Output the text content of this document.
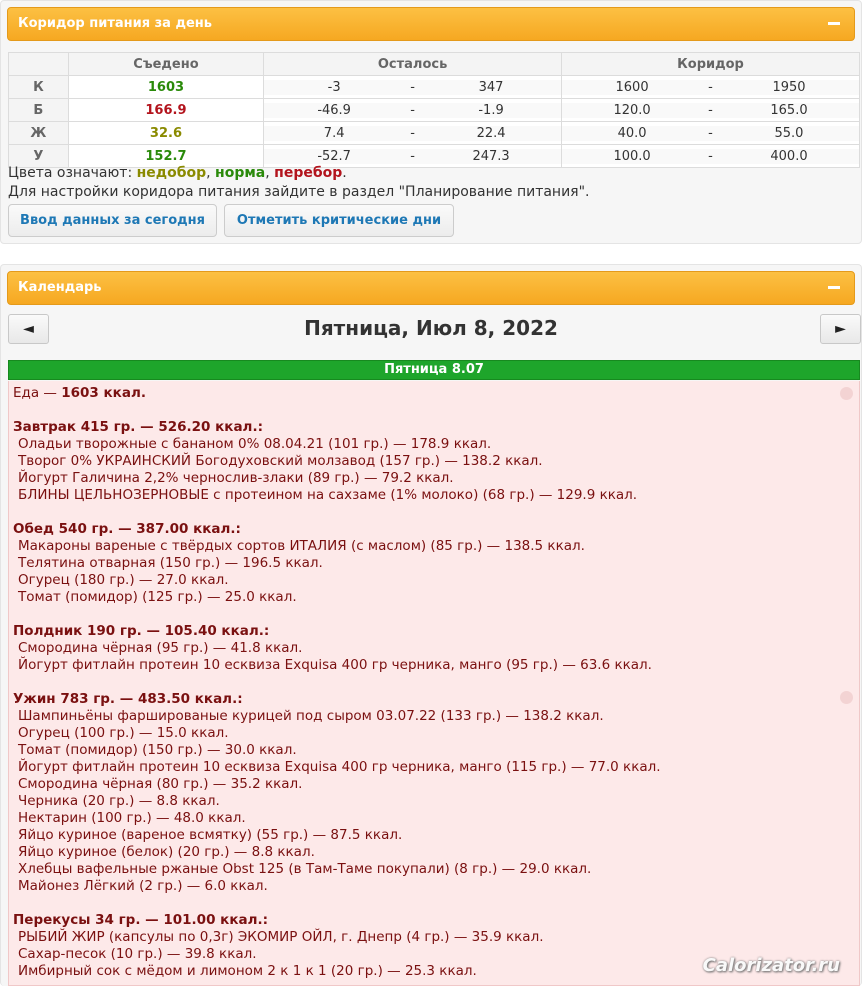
Коридор питания за день
	Съедено	Осталось	Коридор
К	1603	-3 - 347	1600 - 1950

Б	166.9	-46.9 - -1.9	120.0 - 165.0

Ж	32.6	7.4 - 22.4	40.0 - 55.0

У	152.7	-52.7 - 247.3	100.0 - 400.0
Цвета означают: недобор, норма, перебор.
Для настройки коридора питания зайдите в раздел "Планирование питания".
Ввод данных за сегодня	Отметить критические дни
Календарь
◄	Пятница, Июл 8, 2022	►
Пятница 8.07
Еда — 1603 ккал.
Завтрак 415 гр. — 526.20 ккал.:
Оладьи творожные с бананом 0% 08.04.21 (101 гр.) — 178.9 ккал.
Творог 0% УКРАИНСКИЙ Богодуховский молзавод (157 гр.) — 138.2 ккал.
Йогурт Галичина 2,2% чернослив-злаки (89 гр.) — 79.2 ккал.
БЛИНЫ ЦЕЛЬНОЗЕРНОВЫЕ с протеином на сахзаме (1% молоко) (68 гр.) — 129.9 ккал.
Обед 540 гр. — 387.00 ккал.:
Макароны вареные с твёрдых сортов ИТАЛИЯ (с маслом) (85 гр.) — 138.5 ккал.
Телятина отварная (150 гр.) — 196.5 ккал.
Огурец (180 гр.) — 27.0 ккал.
Томат (помидор) (125 гр.) — 25.0 ккал.
Полдник 190 гр. — 105.40 ккал.:
Смородина чёрная (95 гр.) — 41.8 ккал.
Йогурт фитлайн протеин 10 есквиза Exquisa 400 гр черника, манго (95 гр.) — 63.6 ккал.
Ужин 783 гр. — 483.50 ккал.:
Шампиньёны фаршированые курицей под сыром 03.07.22 (133 гр.) — 138.2 ккал.
Огурец (100 гр.) — 15.0 ккал.
Томат (помидор) (150 гр.) — 30.0 ккал.
Йогурт фитлайн протеин 10 есквиза Exquisa 400 гр черника, манго (115 гр.) — 77.0 ккал.
Смородина чёрная (80 гр.) — 35.2 ккал.
Черника (20 гр.) — 8.8 ккал.
Нектарин (100 гр.) — 48.0 ккал.
Яйцо куриное (вареное всмятку) (55 гр.) — 87.5 ккал.
Яйцо куриное (белок) (20 гр.) — 8.8 ккал.
Хлебцы вафельные ржаные Obst 125 (в Там-Таме покупали) (8 гр.) — 29.0 ккал.
Майонез Лёгкий (2 гр.) — 6.0 ккал.
Перекусы 34 гр. — 101.00 ккал.:
РЫБИЙ ЖИР (капсулы по 0,3г) ЭКОМИР ОЙЛ, г. Днепр (4 гр.) — 35.9 ккал.
Сахар-песок (10 гр.) — 39.8 ккал.
Имбирный сок с мёдом и лимоном 2 к 1 к 1 (20 гр.) — 25.3 ккал.	Calorizator.ru
